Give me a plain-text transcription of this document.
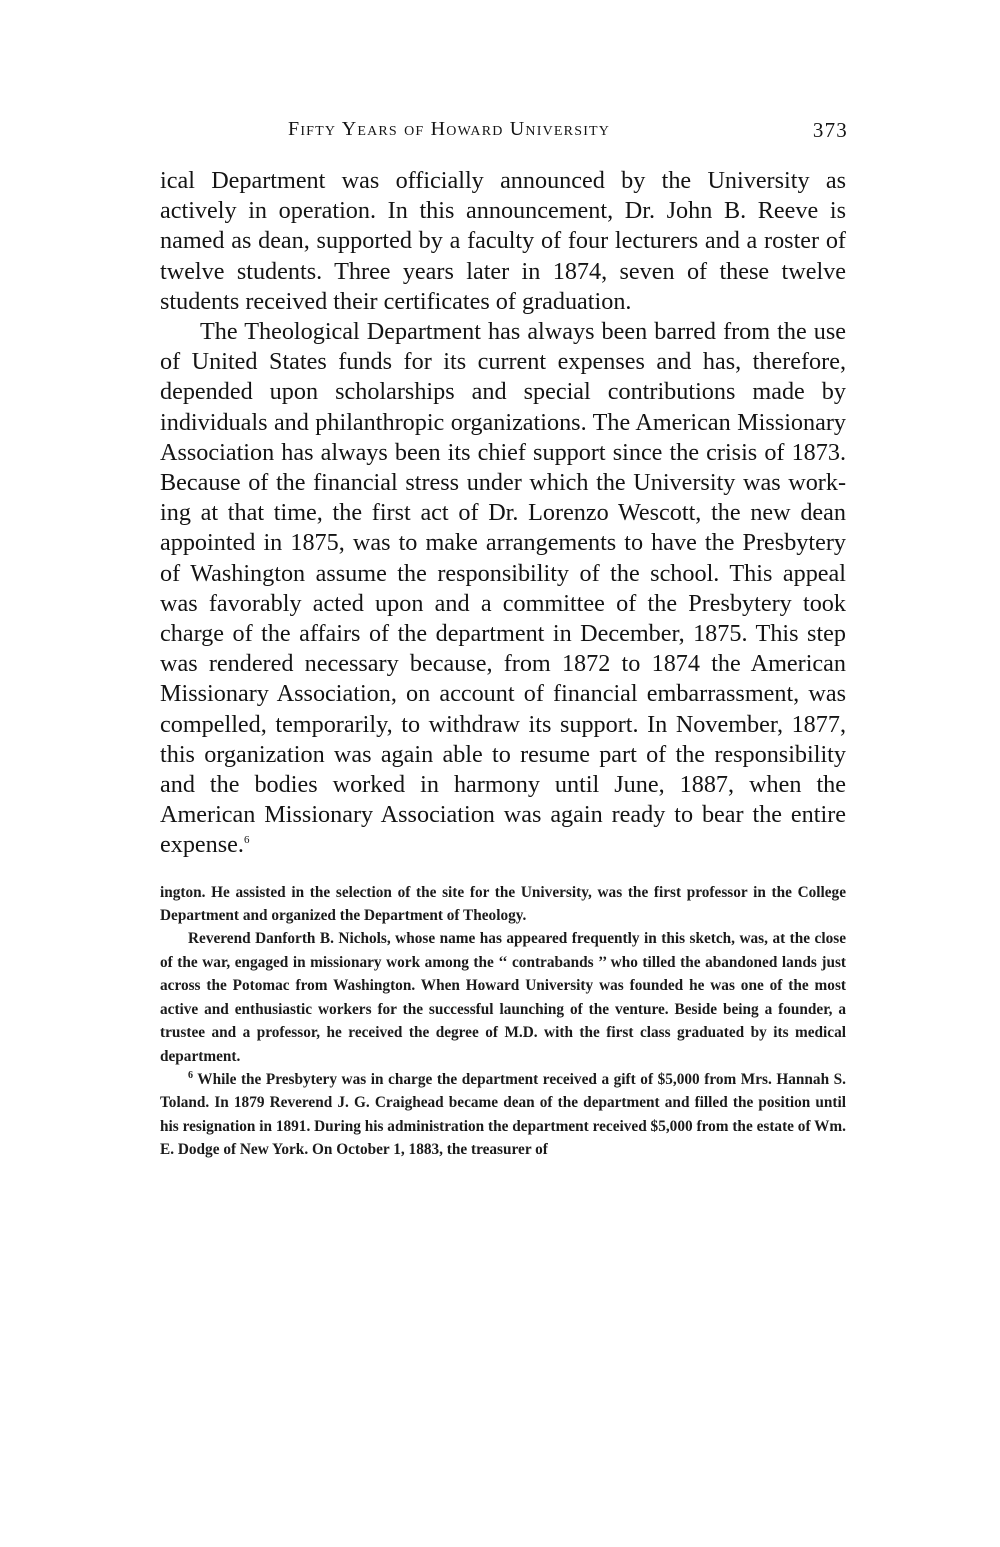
Fifty Years of Howard University	373

ical Department was officially announced by the University as actively in operation. In this announcement, Dr. John B. Reeve is named as dean, supported by a faculty of four lecturers and a roster of twelve students. Three years later in 1874, seven of these twelve students received their certificates of graduation.

The Theological Department has always been barred from the use of United States funds for its current expenses and has, therefore, depended upon scholarships and special contributions made by individuals and philanthropic organizations. The American Missionary Association has always been its chief support since the crisis of 1873. Because of the financial stress under which the University was working at that time, the first act of Dr. Lorenzo Wescott, the new dean appointed in 1875, was to make arrangements to have the Presbytery of Washington assume the responsibility of the school. This appeal was favorably acted upon and a committee of the Presbytery took charge of the affairs of the department in December, 1875. This step was rendered necessary because, from 1872 to 1874 the American Missionary Association, on account of financial embarrassment, was compelled, temporarily, to withdraw its support. In November, 1877, this organization was again able to resume part of the responsibility and the bodies worked in harmony until June, 1887, when the American Missionary Association was again ready to bear the entire expense.$^6$

ington. He assisted in the selection of the site for the University, was the first professor in the College Department and organized the Department of Theology.

Reverend Danforth B. Nichols, whose name has appeared frequently in this sketch, was, at the close of the war, engaged in missionary work among the ‘‘ contrabands ’’ who tilled the abandoned lands just across the Potomac from Washington. When Howard University was founded he was one of the most active and enthusiastic workers for the successful launching of the venture. Beside being a founder, a trustee and a professor, he received the degree of M.D. with the first class graduated by its medical department.

$^6$ While the Presbytery was in charge the department received a gift of $5,000 from Mrs. Hannah S. Toland. In 1879 Reverend J. G. Craighead became dean of the department and filled the position until his resignation in 1891. During his administration the department received $5,000 from the estate of Wm. E. Dodge of New York. On October 1, 1883, the treasurer of
